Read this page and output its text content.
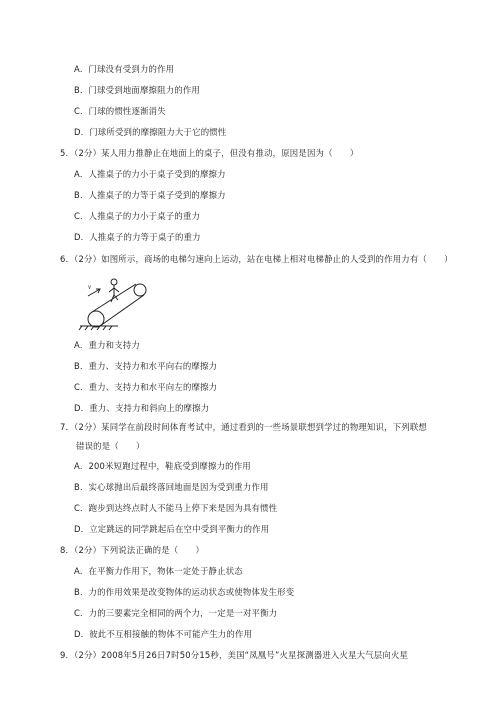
A．门球没有受到力的作用
B．门球受到地面摩擦阻力的作用
C．门球的惯性逐渐消失
D．门球所受到的摩擦阻力大于它的惯性
5．（2分）某人用力推静止在地面上的桌子，但没有推动，原因是因为（　　）
A．人推桌子的力小于桌子受到的摩擦力
B．人推桌子的力等于桌子受到的摩擦力
C．人推桌子的力小于桌子的重力
D．人推桌子的力等于桌子的重力
6．（2分）如图所示，商场的电梯匀速向上运动，站在电梯上相对电梯静止的人受到的作用力有（　　）
v
A．重力和支持力
B．重力、支持力和水平向右的摩擦力
C．重力、支持力和水平向左的摩擦力
D．重力、支持力和斜向上的摩擦力
7．（2分）某同学在前段时间体育考试中，通过看到的一些场景联想到学过的物理知识，下列联想
错误的是（　　）
A．200米短跑过程中，鞋底受到摩擦力的作用
B．实心球抛出后最终落回地面是因为受到重力作用
C．跑步到达终点时人不能马上停下来是因为具有惯性
D．立定跳远的同学跳起后在空中受到平衡力的作用
8．（2分）下列说法正确的是（　　）
A．在平衡力作用下，物体一定处于静止状态
B．力的作用效果是改变物体的运动状态或使物体发生形变
C．力的三要素完全相同的两个力，一定是一对平衡力
D．彼此不互相接触的物体不可能产生力的作用
9．（2分）2008年5月26日7时50分15秒，美国“凤凰号”火星探测器进入火星大气层向火星
